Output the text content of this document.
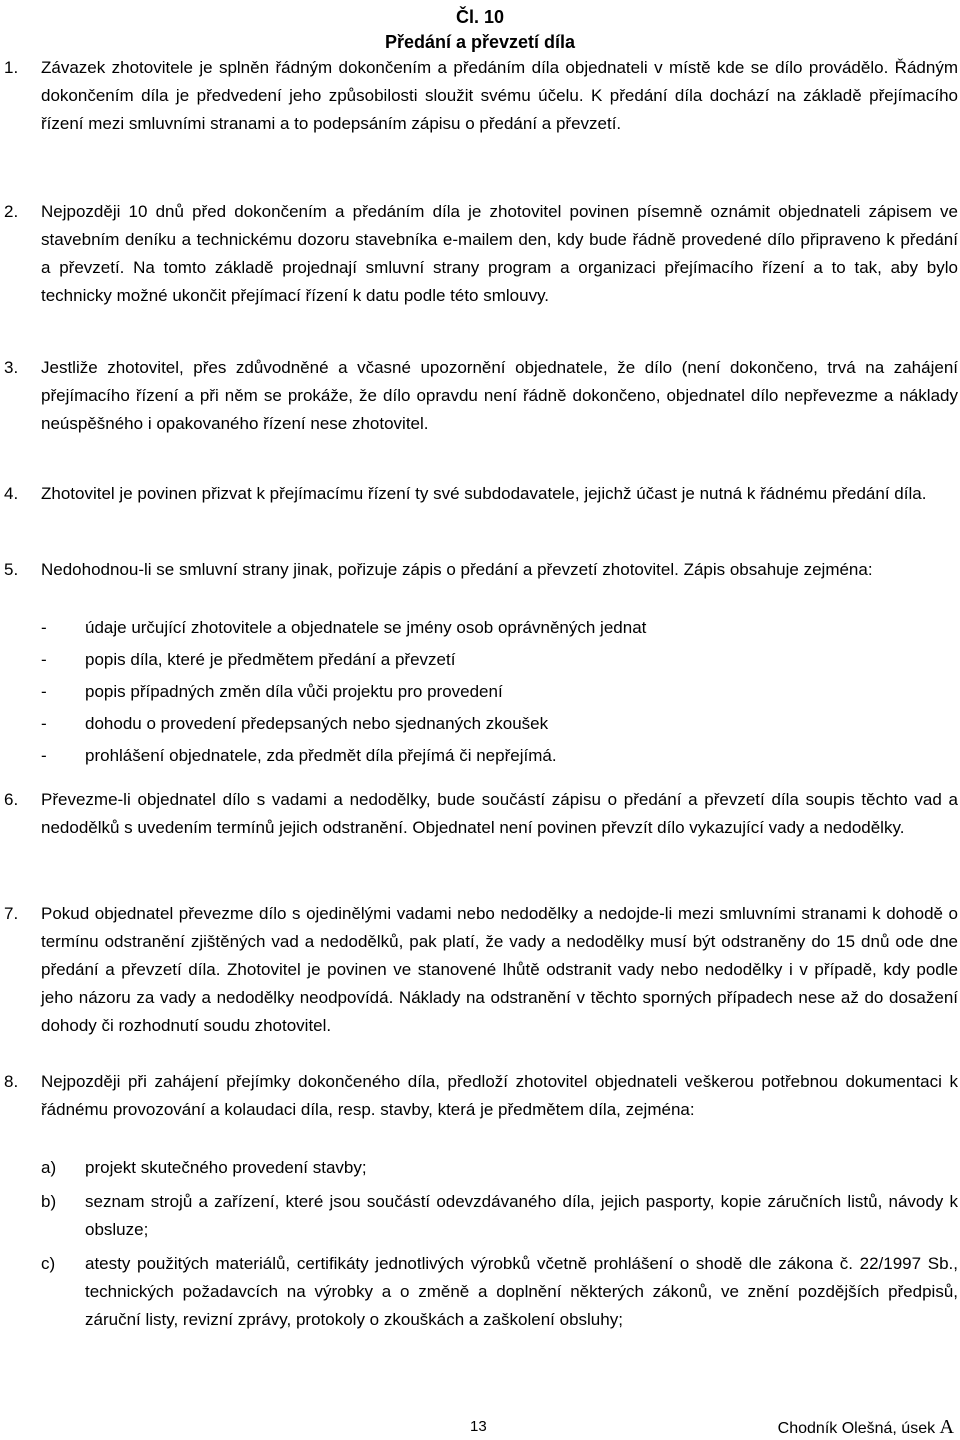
Čl. 10
Předání a převzetí díla
1.	Závazek zhotovitele je splněn řádným dokončením a předáním díla objednateli v místě kde se dílo provádělo. Řádným dokončením díla je předvedení jeho způsobilosti sloužit svému účelu. K předání díla dochází na základě přejímacího řízení mezi smluvními stranami a to podepsáním zápisu o předání a převzetí.
2.	Nejpozději 10 dnů před dokončením a předáním díla je zhotovitel povinen písemně oznámit objednateli zápisem ve stavebním deníku a technickému dozoru stavebníka e-mailem den, kdy bude řádně provedené dílo připraveno k předání a převzetí. Na tomto základě projednají smluvní strany program a organizaci přejímacího řízení a to tak, aby bylo technicky možné ukončit přejímací řízení k datu podle této smlouvy.
3.	Jestliže zhotovitel, přes zdůvodněné a včasné upozornění objednatele, že dílo (není dokončeno, trvá na zahájení přejímacího řízení a při něm se prokáže, že dílo opravdu není řádně dokončeno, objednatel dílo nepřevezme a náklady neúspěšného i opakovaného řízení nese zhotovitel.
4.	Zhotovitel je povinen přizvat k přejímacímu řízení ty své subdodavatele, jejichž účast je nutná k řádnému předání díla.
5.	Nedohodnou-li se smluvní strany jinak, pořizuje zápis o předání a převzetí zhotovitel. Zápis obsahuje zejména:
- údaje určující zhotovitele a objednatele se jmény osob oprávněných jednat
- popis díla, které je předmětem předání a převzetí
- popis případných změn díla vůči projektu pro provedení
- dohodu o provedení předepsaných nebo sjednaných zkoušek
- prohlášení objednatele, zda předmět díla přejímá či nepřejímá.
6.	Převezme-li objednatel dílo s vadami a nedodělky, bude součástí zápisu o předání a převzetí díla soupis těchto vad a nedodělků s uvedením termínů jejich odstranění. Objednatel není povinen převzít dílo vykazující vady a nedodělky.
7.	Pokud objednatel převezme dílo s ojedinělými vadami nebo nedodělky a nedojde-li mezi smluvními stranami k dohodě o termínu odstranění zjištěných vad a nedodělků, pak platí, že vady a nedodělky musí být odstraněny do 15 dnů ode dne předání a převzetí díla. Zhotovitel je povinen ve stanovené lhůtě odstranit vady nebo nedodělky i v případě, kdy podle jeho názoru za vady a nedodělky neodpovídá. Náklady na odstranění v těchto sporných případech nese až do dosažení dohody či rozhodnutí soudu zhotovitel.
8.	Nejpozději při zahájení přejímky dokončeného díla, předloží zhotovitel objednateli veškerou potřebnou dokumentaci k řádnému provozování a kolaudaci díla, resp. stavby, která je předmětem díla, zejména:
a)	projekt skutečného provedení stavby;
b)	seznam strojů a zařízení, které jsou součástí odevzdávaného díla, jejich pasporty, kopie záručních listů, návody k obsluze;
c)	atesty použitých materiálů, certifikáty jednotlivých výrobků včetně prohlášení o shodě dle zákona č. 22/1997 Sb., technických požadavcích na výrobky a o změně a doplnění některých zákonů, ve znění pozdějších předpisů, záruční listy, revizní zprávy, protokoly o zkouškách a zaškolení obsluhy;
13	Chodník Olešná, úsek A
